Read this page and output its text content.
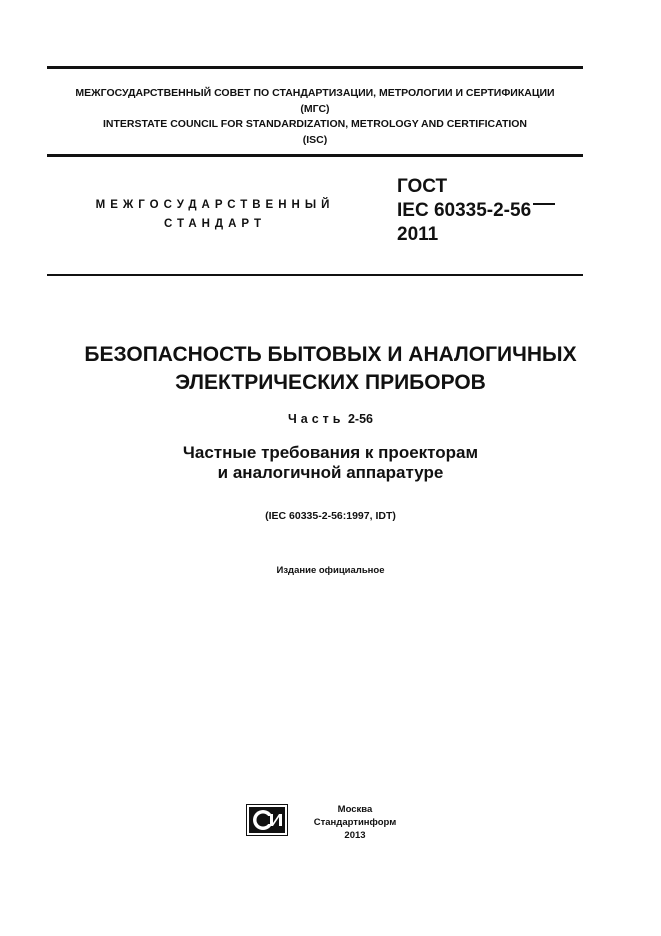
МЕЖГОСУДАРСТВЕННЫЙ СОВЕТ ПО СТАНДАРТИЗАЦИИ, МЕТРОЛОГИИ И СЕРТИФИКАЦИИ
(МГС)
INTERSTATE COUNCIL FOR STANDARDIZATION, METROLOGY AND CERTIFICATION
(ISC)
МЕЖГОСУДАРСТВЕННЫЙ
СТАНДАРТ
ГОСТ
IEC 60335-2-56
2011
БЕЗОПАСНОСТЬ БЫТОВЫХ И АНАЛОГИЧНЫХ
ЭЛЕКТРИЧЕСКИХ ПРИБОРОВ
Часть 2-56
Частные требования к проекторам
и аналогичной аппаратуре
(IEC 60335-2-56:1997, IDT)
Издание официальное
Москва
Стандартинформ
2013
